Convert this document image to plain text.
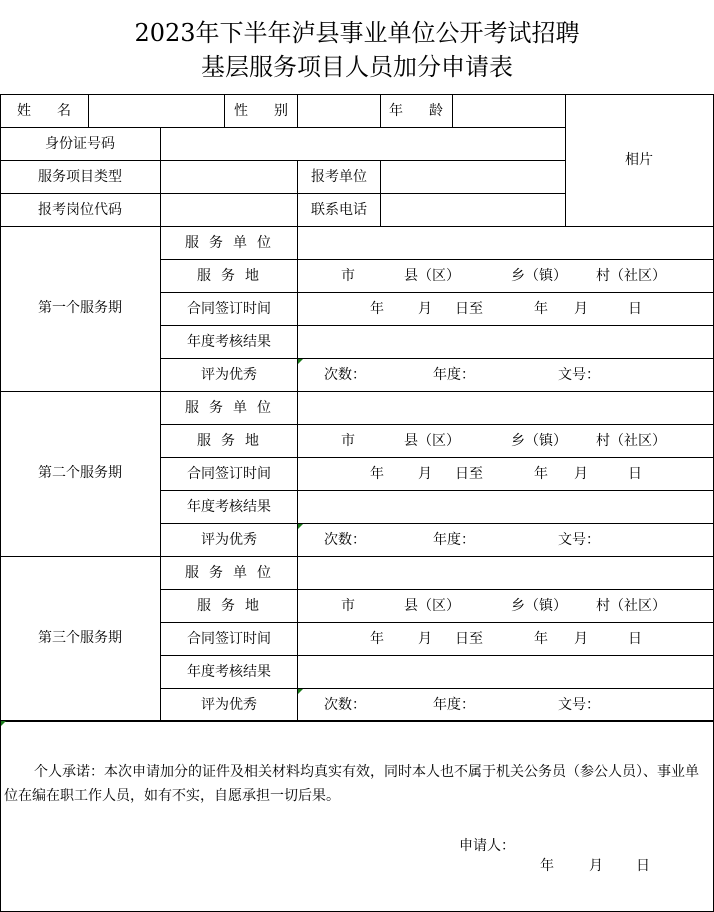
2023年下半年泸县事业单位公开考试招聘
基层服务项目人员加分申请表
姓　名	性　别	年　龄
身份证号码
服务项目类型	报考单位
报考岗位代码	联系电话
相片
第一个服务期
服务单位
服务地	市	县（区）	乡（镇） 村（社区）
合同签订时间	年 月 日至	年 月	日
年度考核结果
评为优秀	次数：	年度：	文号：
第二个服务期
服务单位
服务地	市	县（区）	乡（镇） 村（社区）
合同签订时间	年 月 日至	年 月	日
年度考核结果
评为优秀	次数：	年度：	文号：
第三个服务期
服务单位
服务地	市	县（区）	乡（镇） 村（社区）
合同签订时间	年 月 日至	年 月	日
年度考核结果
评为优秀	次数：	年度：	文号：
个人承诺：本次申请加分的证件及相关材料均真实有效，同时本人也不属于机关公务员（参公人员）、事业单位在编在职工作人员，如有不实，自愿承担一切后果。
申请人：
年	月 日
